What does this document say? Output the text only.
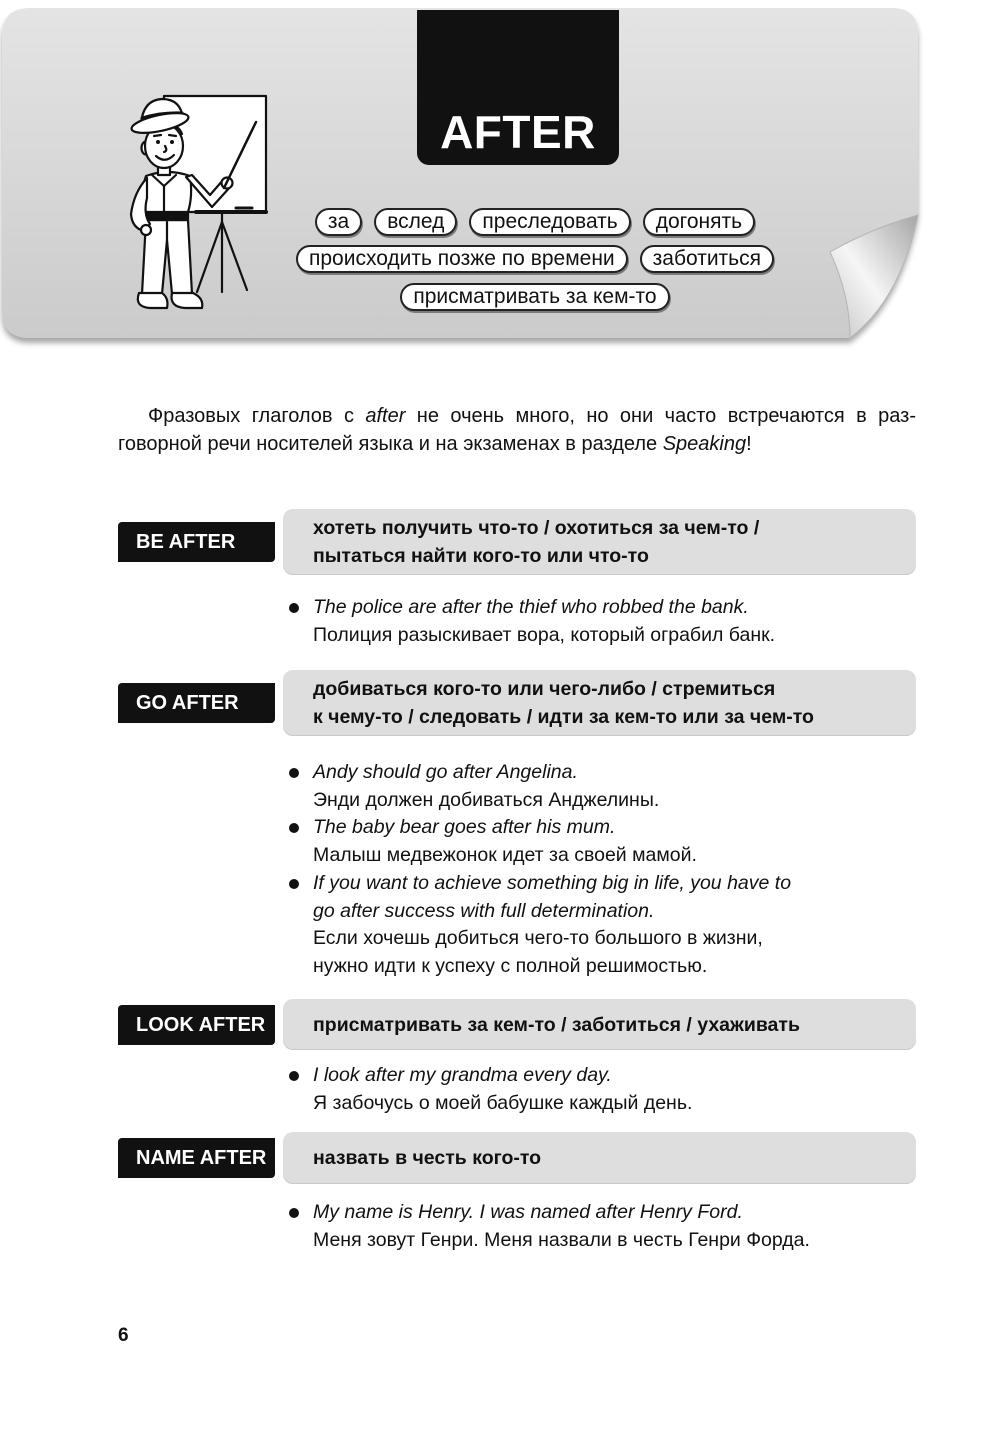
AFTER
за	вслед	преследовать	догонять
происходить позже по времени	заботиться
присматривать за кем-то
Фразовых глаголов с after не очень много, но они часто встречаются в раз-
говорной речи носителей языка и на экзаменах в разделе Speaking!
BE AFTER
хотеть получить что-то / охотиться за чем-то /
пытаться найти кого-то или что-то
The police are after the thief who robbed the bank.
Полиция разыскивает вора, который ограбил банк.
GO AFTER
добиваться кого-то или чего-либо / стремиться
к чему-то / следовать / идти за кем-то или за чем-то
Andy should go after Angelina.
Энди должен добиваться Анджелины.
The baby bear goes after his mum.
Малыш медвежонок идет за своей мамой.
If you want to achieve something big in life, you have to
go after success with full determination.
Если хочешь добиться чего-то большого в жизни,
нужно идти к успеху с полной решимостью.
LOOK AFTER	присматривать за кем-то / заботиться / ухаживать
I look after my grandma every day.
Я забочусь о моей бабушке каждый день.
NAME AFTER	назвать в честь кого-то
My name is Henry. I was named after Henry Ford.
Меня зовут Генри. Меня назвали в честь Генри Форда.
6
